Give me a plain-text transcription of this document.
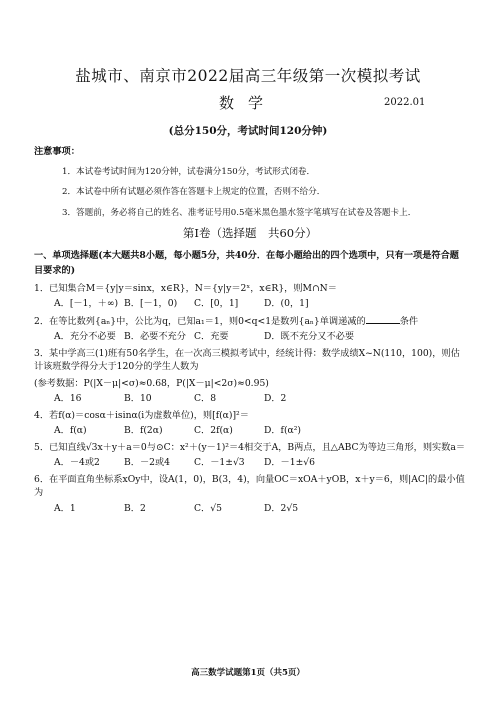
盐城市、南京市2022届高三年级第一次模拟考试
数学	2022.01
(总分150分，考试时间120分钟)
注意事项：
1．本试卷考试时间为120分钟，试卷满分150分，考试形式闭卷．
2．本试卷中所有试题必须作答在答题卡上规定的位置，否则不给分．
3．答题前，务必将自己的姓名、准考证号用0.5毫米黑色墨水签字笔填写在试卷及答题卡上．
第Ⅰ卷（选择题　共60分）
一、单项选择题(本大题共8小题，每小题5分，共40分．在每小题给出的四个选项中，只有一项是符合题目要求的)
1．已知集合M＝{y|y＝sinx，x∈R}，N＝{y|y＝2ˣ，x∈R}，则M∩N＝
A．[－1，＋∞) B．[－1，0)	C．[0，1]	D．(0，1]
2．在等比数列{aₙ}中，公比为q，已知a₁＝1，则0<q<1是数列{aₙ}单调递减的	条件
A．充分不必要 B．必要不充分 C．充要	D．既不充分又不必要
3．某中学高三(1)班有50名学生，在一次高三模拟考试中，经统计得：数学成绩X~N(110，100)，则估计该班数学得分大于120分的学生人数为
(参考数据：P(|X－μ|<σ)≈0.68，P(|X－μ|<2σ)≈0.95)
A．16	B．10	C．8	D．2
4．若f(α)＝cosα＋isinα(i为虚数单位)，则[f(α)]²＝
A．f(α)	B．f(2α)	C．2f(α)	D．f(α²)
5．已知直线√3x＋y＋a＝0与⊙C：x²＋(y－1)²＝4相交于A，B两点，且△ABC为等边三角形，则实数a＝
A．－4或2	B．－2或4	C．－1±√3	D．－1±√6
6．在平面直角坐标系xOy中，设A(1，0)，B(3，4)，向量OC＝xOA＋yOB，x＋y＝6，则|AC|的最小值为
A．1	B．2	C．√5	D．2√5
高三数学试题第1页（共5页）
